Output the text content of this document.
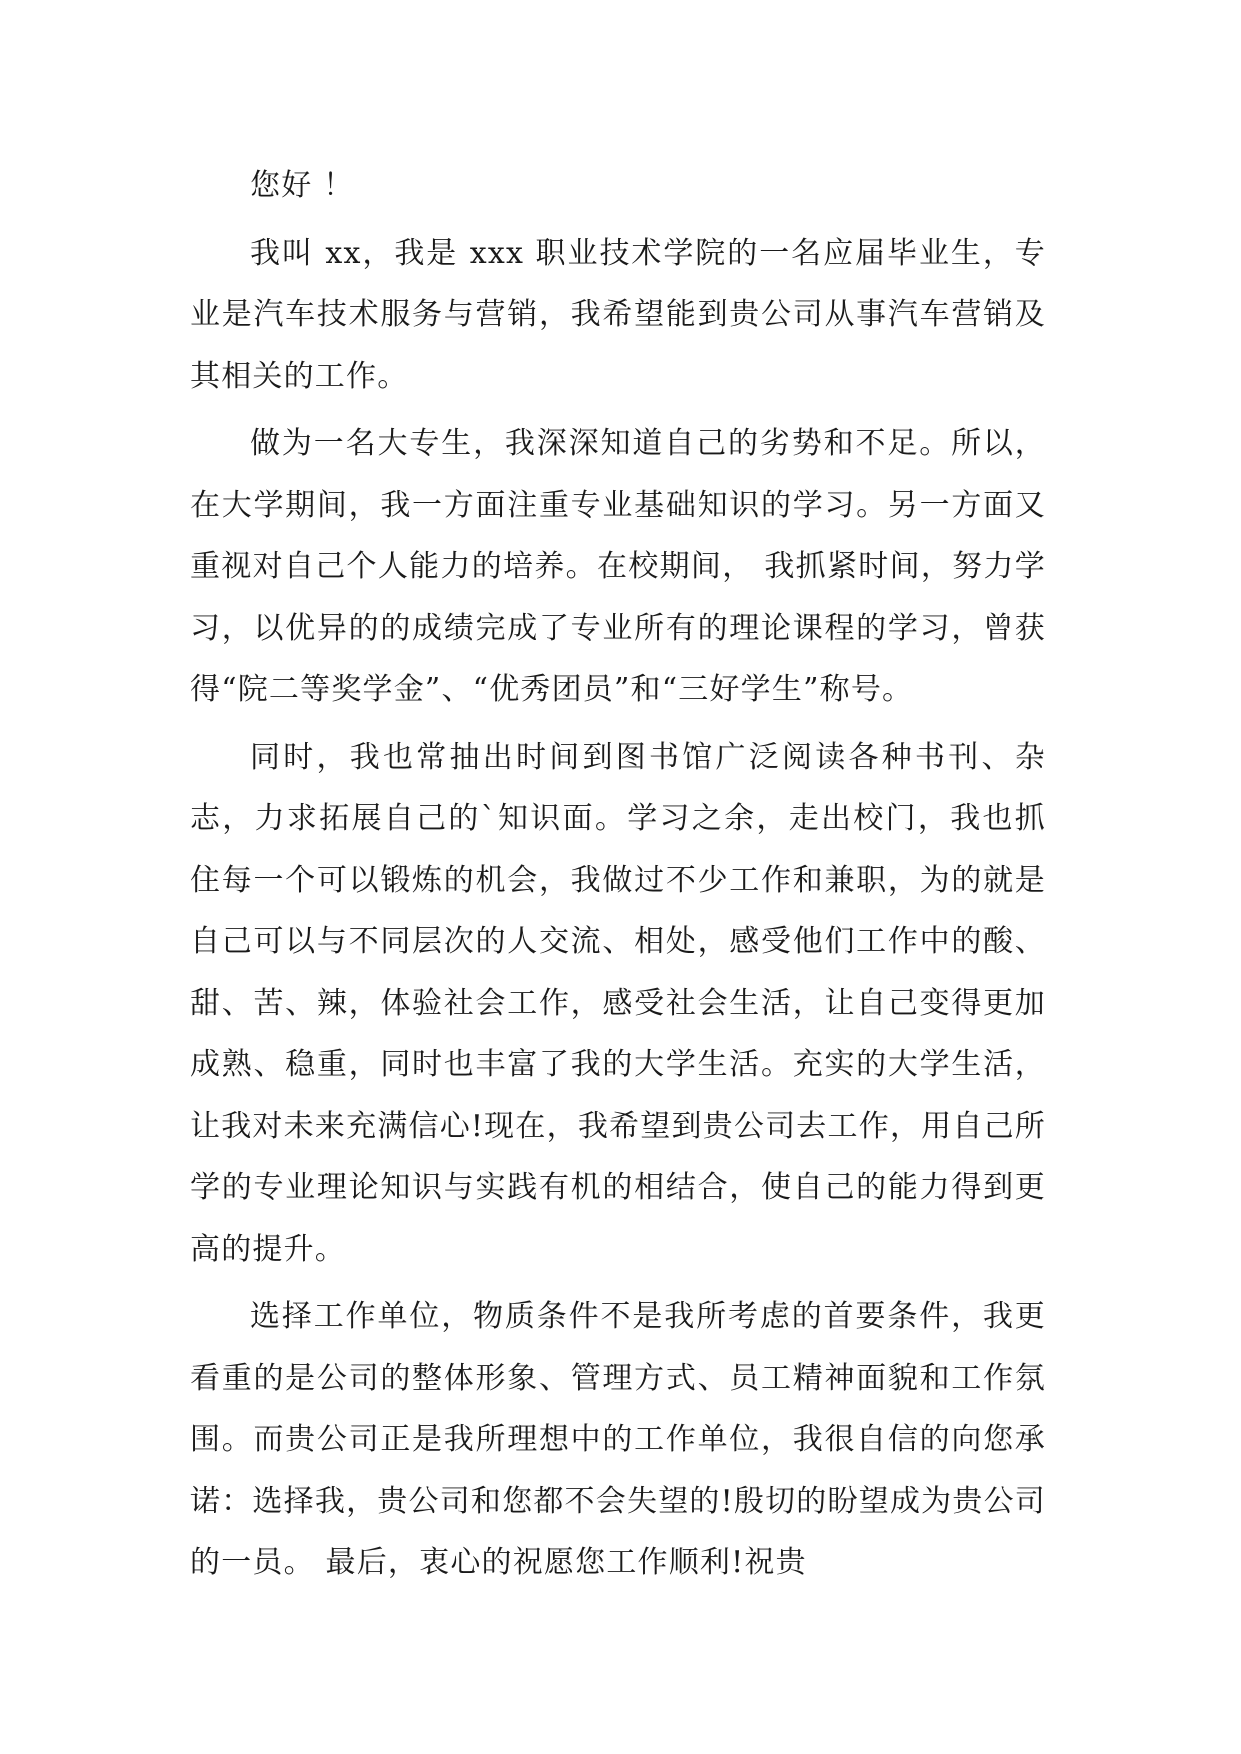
您好 ！

我叫 xx，我是 xxx 职业技术学院的一名应届毕业生，专业是汽车技术服务与营销，我希望能到贵公司从事汽车营销及其相关的工作。

做为一名大专生，我深深知道自己的劣势和不足。所以，在大学期间，我一方面注重专业基础知识的学习。另一方面又重视对自己个人能力的培养。在校期间， 我抓紧时间，努力学习，以优异的的成绩完成了专业所有的理论课程的学习，曾获得“院二等奖学金”、“优秀团员”和“三好学生”称号。

同时，我也常抽出时间到图书馆广泛阅读各种书刊、杂志，力求拓展自己的`知识面。学习之余，走出校门，我也抓住每一个可以锻炼的机会，我做过不少工作和兼职，为的就是自己可以与不同层次的人交流、相处，感受他们工作中的酸、甜、苦、辣，体验社会工作，感受社会生活，让自己变得更加成熟、稳重，同时也丰富了我的大学生活。充实的大学生活，让我对未来充满信心!现在，我希望到贵公司去工作，用自己所学的专业理论知识与实践有机的相结合，使自己的能力得到更高的提升。

选择工作单位，物质条件不是我所考虑的首要条件，我更看重的是公司的整体形象、管理方式、员工精神面貌和工作氛围。而贵公司正是我所理想中的工作单位，我很自信的向您承诺：选择我，贵公司和您都不会失望的!殷切的盼望成为贵公司的一员。 最后，衷心的祝愿您工作顺利!祝贵
